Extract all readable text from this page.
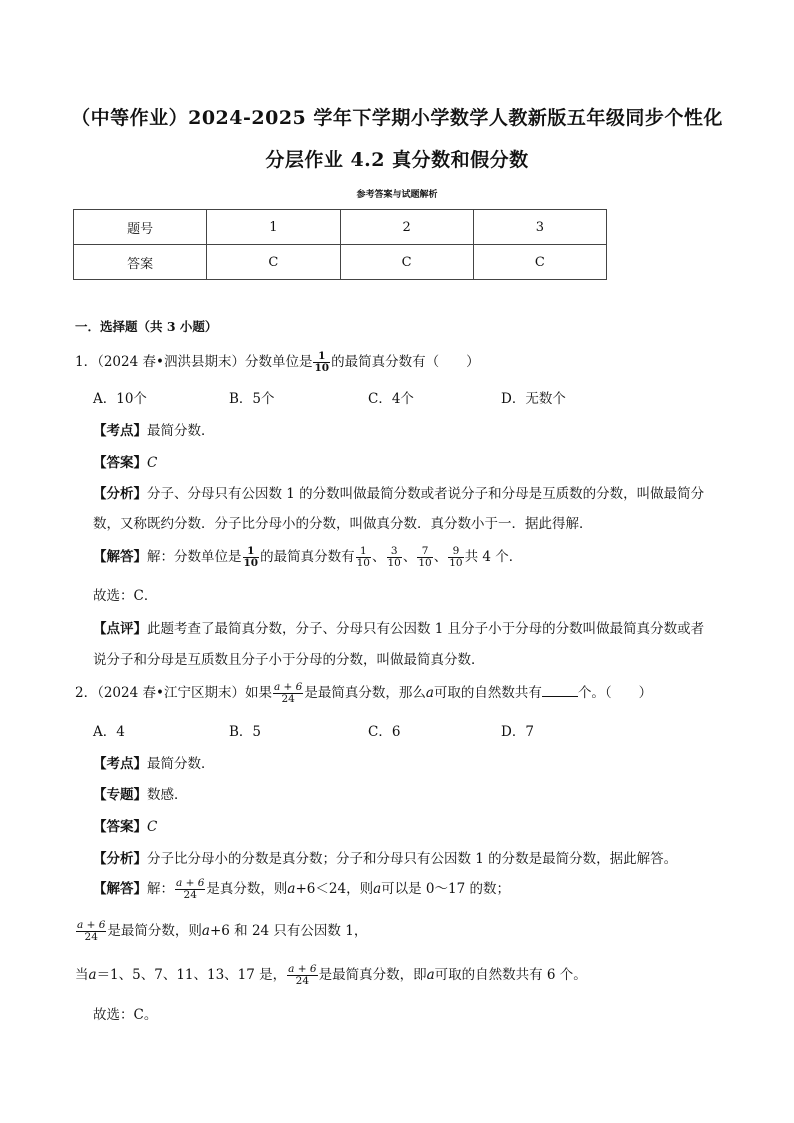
（中等作业）2024-2025 学年下学期小学数学人教新版五年级同步个性化
分层作业 4.2 真分数和假分数
参考答案与试题解析
题号	1	2	3
答案	C	C	C
一．选择题（共 3 小题）
1．（2024 春•泗洪县期末）分数单位是 $\frac{1}{10}$ 的最简真分数有（　　）
A．10个	B．5个	C．4个	D．无数个
【考点】最简分数．
【答案】C
【分析】分子、分母只有公因数 1 的分数叫做最简分数或者说分子和分母是互质数的分数，叫做最简分
数，又称既约分数．分子比分母小的分数，叫做真分数．真分数小于一．据此得解．
【解答】解：分数单位是 $\frac{1}{10}$ 的最简真分数有 $\frac{1}{10}$ 、 $\frac{3}{10}$ 、 $\frac{7}{10}$ 、 $\frac{9}{10}$ 共 4 个．
故选：C．
【点评】此题考查了最简真分数，分子、分母只有公因数 1 且分子小于分母的分数叫做最简真分数或者
说分子和分母是互质数且分子小于分母的分数，叫做最简真分数．
2．（2024 春•江宁区期末）如果 $\frac{a + 6}{24}$ 是最简真分数，那么a可取的自然数共有	个。（　　）
A．4	B．5	C．6	D．7
【考点】最简分数．
【专题】数感．
【答案】C
【分析】分子比分母小的分数是真分数；分子和分母只有公因数 1 的分数是最简分数，据此解答。
【解答】解： $\frac{a + 6}{24}$ 是真分数，则a+6＜24，则a可以是 0～17 的数；
$\frac{a + 6}{24}$ 是最简分数，则a+6 和 24 只有公因数 1，
当a＝1、5、7、11、13、17 是， $\frac{a + 6}{24}$ 是最简真分数，即a可取的自然数共有 6 个。
故选：C。
